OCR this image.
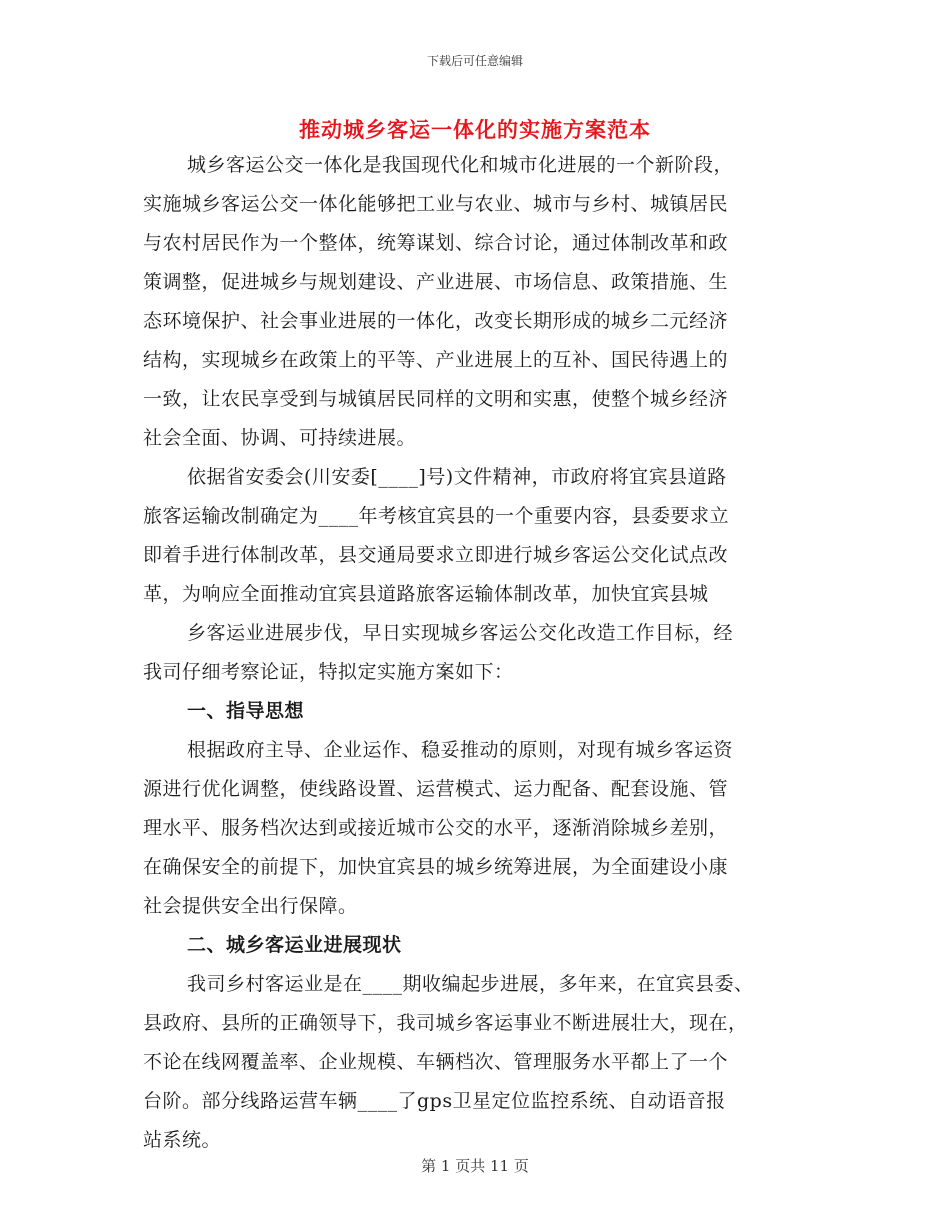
下载后可任意编辑
推动城乡客运一体化的实施方案范本
城乡客运公交一体化是我国现代化和城市化进展的一个新阶段，
实施城乡客运公交一体化能够把工业与农业、城市与乡村、城镇居民
与农村居民作为一个整体，统筹谋划、综合讨论，通过体制改革和政
策调整，促进城乡与规划建设、产业进展、市场信息、政策措施、生
态环境保护、社会事业进展的一体化，改变长期形成的城乡二元经济
结构，实现城乡在政策上的平等、产业进展上的互补、国民待遇上的
一致，让农民享受到与城镇居民同样的文明和实惠，使整个城乡经济
社会全面、协调、可持续进展。
依据省安委会(川安委[____]号)文件精神，市政府将宜宾县道路
旅客运输改制确定为____年考核宜宾县的一个重要内容，县委要求立
即着手进行体制改革，县交通局要求立即进行城乡客运公交化试点改
革，为响应全面推动宜宾县道路旅客运输体制改革，加快宜宾县城
乡客运业进展步伐，早日实现城乡客运公交化改造工作目标，经
我司仔细考察论证，特拟定实施方案如下：
一、指导思想
根据政府主导、企业运作、稳妥推动的原则，对现有城乡客运资
源进行优化调整，使线路设置、运营模式、运力配备、配套设施、管
理水平、服务档次达到或接近城市公交的水平，逐渐消除城乡差别，
在确保安全的前提下，加快宜宾县的城乡统筹进展，为全面建设小康
社会提供安全出行保障。
二、城乡客运业进展现状
我司乡村客运业是在____期收编起步进展，多年来，在宜宾县委、
县政府、县所的正确领导下，我司城乡客运事业不断进展壮大，现在，
不论在线网覆盖率、企业规模、车辆档次、管理服务水平都上了一个
台阶。部分线路运营车辆____了gps卫星定位监控系统、自动语音报
站系统。
第 1 页共 11 页
